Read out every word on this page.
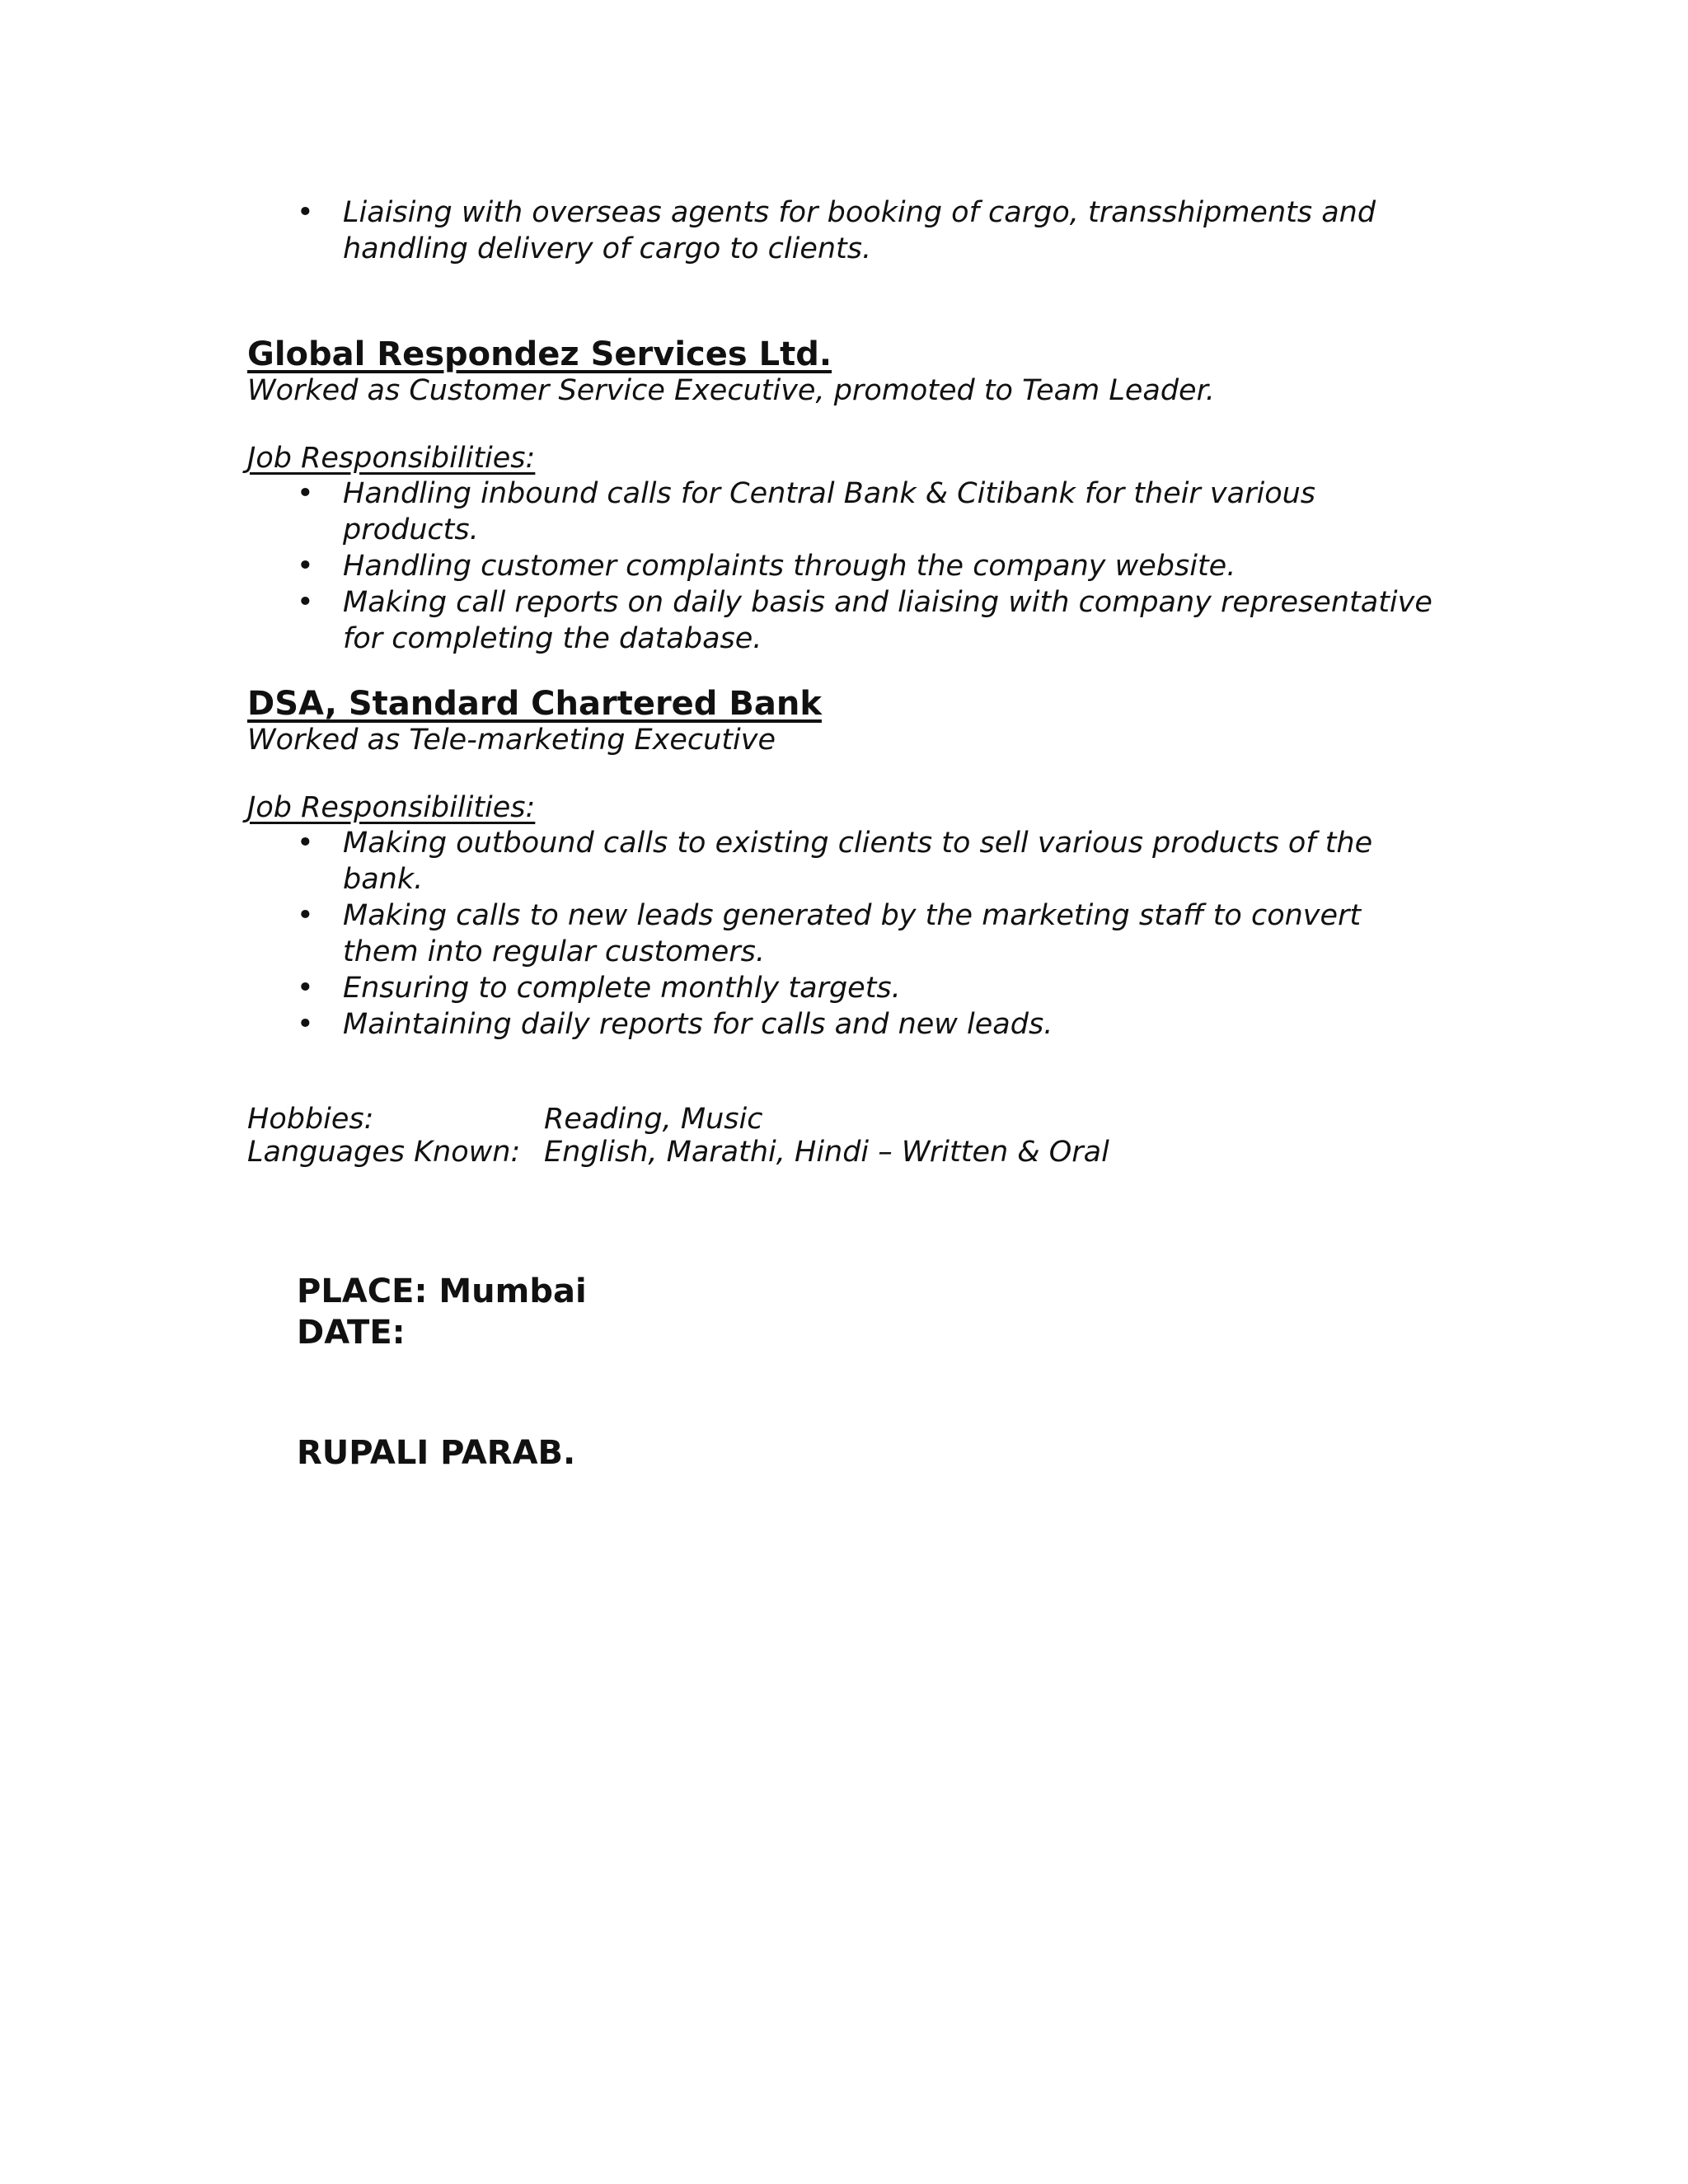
• Liaising with overseas agents for booking of cargo, transshipments and handling delivery of cargo to clients.
Global Respondez Services Ltd.

Worked as Customer Service Executive, promoted to Team Leader.

Job Responsibilities:

• Handling inbound calls for Central Bank & Citibank for their various products.
• Handling customer complaints through the company website.
• Making call reports on daily basis and liaising with company representative for completing the database.
DSA, Standard Chartered Bank

Worked as Tele-marketing Executive

Job Responsibilities:

• Making outbound calls to existing clients to sell various products of the bank.
• Making calls to new leads generated by the marketing staff to convert them into regular customers.
• Ensuring to complete monthly targets.
• Maintaining daily reports for calls and new leads.
Hobbies:	Reading, Music
Languages Known: English, Marathi, Hindi – Written & Oral

PLACE: Mumbai

DATE:

RUPALI PARAB.
